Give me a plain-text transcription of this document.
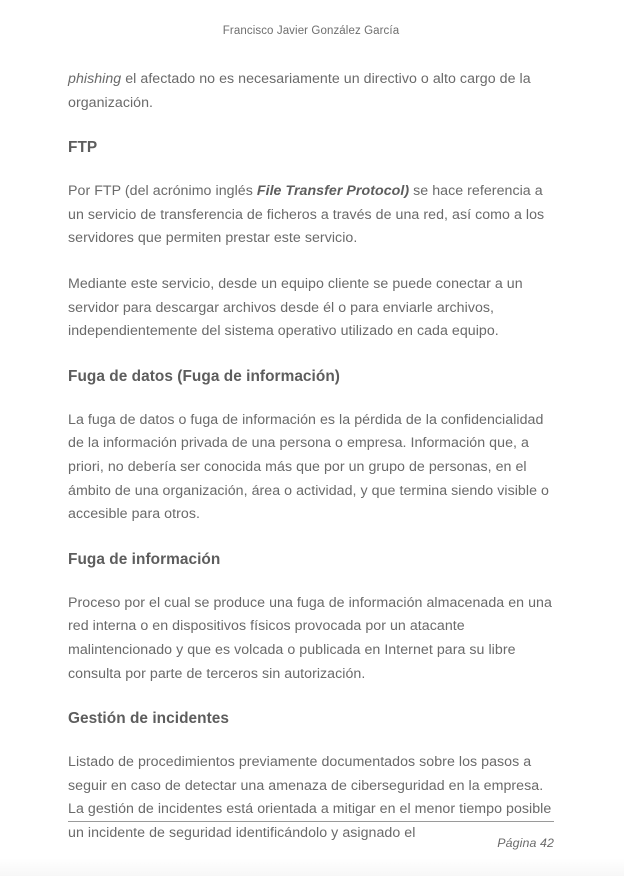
Francisco Javier González García

phishing el afectado no es necesariamente un directivo o alto cargo de la organización.

FTP

Por FTP (del acrónimo inglés File Transfer Protocol) se hace referencia a un servicio de transferencia de ficheros a través de una red, así como a los servidores que permiten prestar este servicio.

Mediante este servicio, desde un equipo cliente se puede conectar a un servidor para descargar archivos desde él o para enviarle archivos, independientemente del sistema operativo utilizado en cada equipo.

Fuga de datos (Fuga de información)

La fuga de datos o fuga de información es la pérdida de la confidencialidad de la información privada de una persona o empresa. Información que, a priori, no debería ser conocida más que por un grupo de personas, en el ámbito de una organización, área o actividad, y que termina siendo visible o accesible para otros.

Fuga de información

Proceso por el cual se produce una fuga de información almacenada en una red interna o en dispositivos físicos provocada por un atacante malintencionado y que es volcada o publicada en Internet para su libre consulta por parte de terceros sin autorización.

Gestión de incidentes

Listado de procedimientos previamente documentados sobre los pasos a seguir en caso de detectar una amenaza de ciberseguridad en la empresa. La gestión de incidentes está orientada a mitigar en el menor tiempo posible un incidente de seguridad identificándolo y asignado el

Página 42
